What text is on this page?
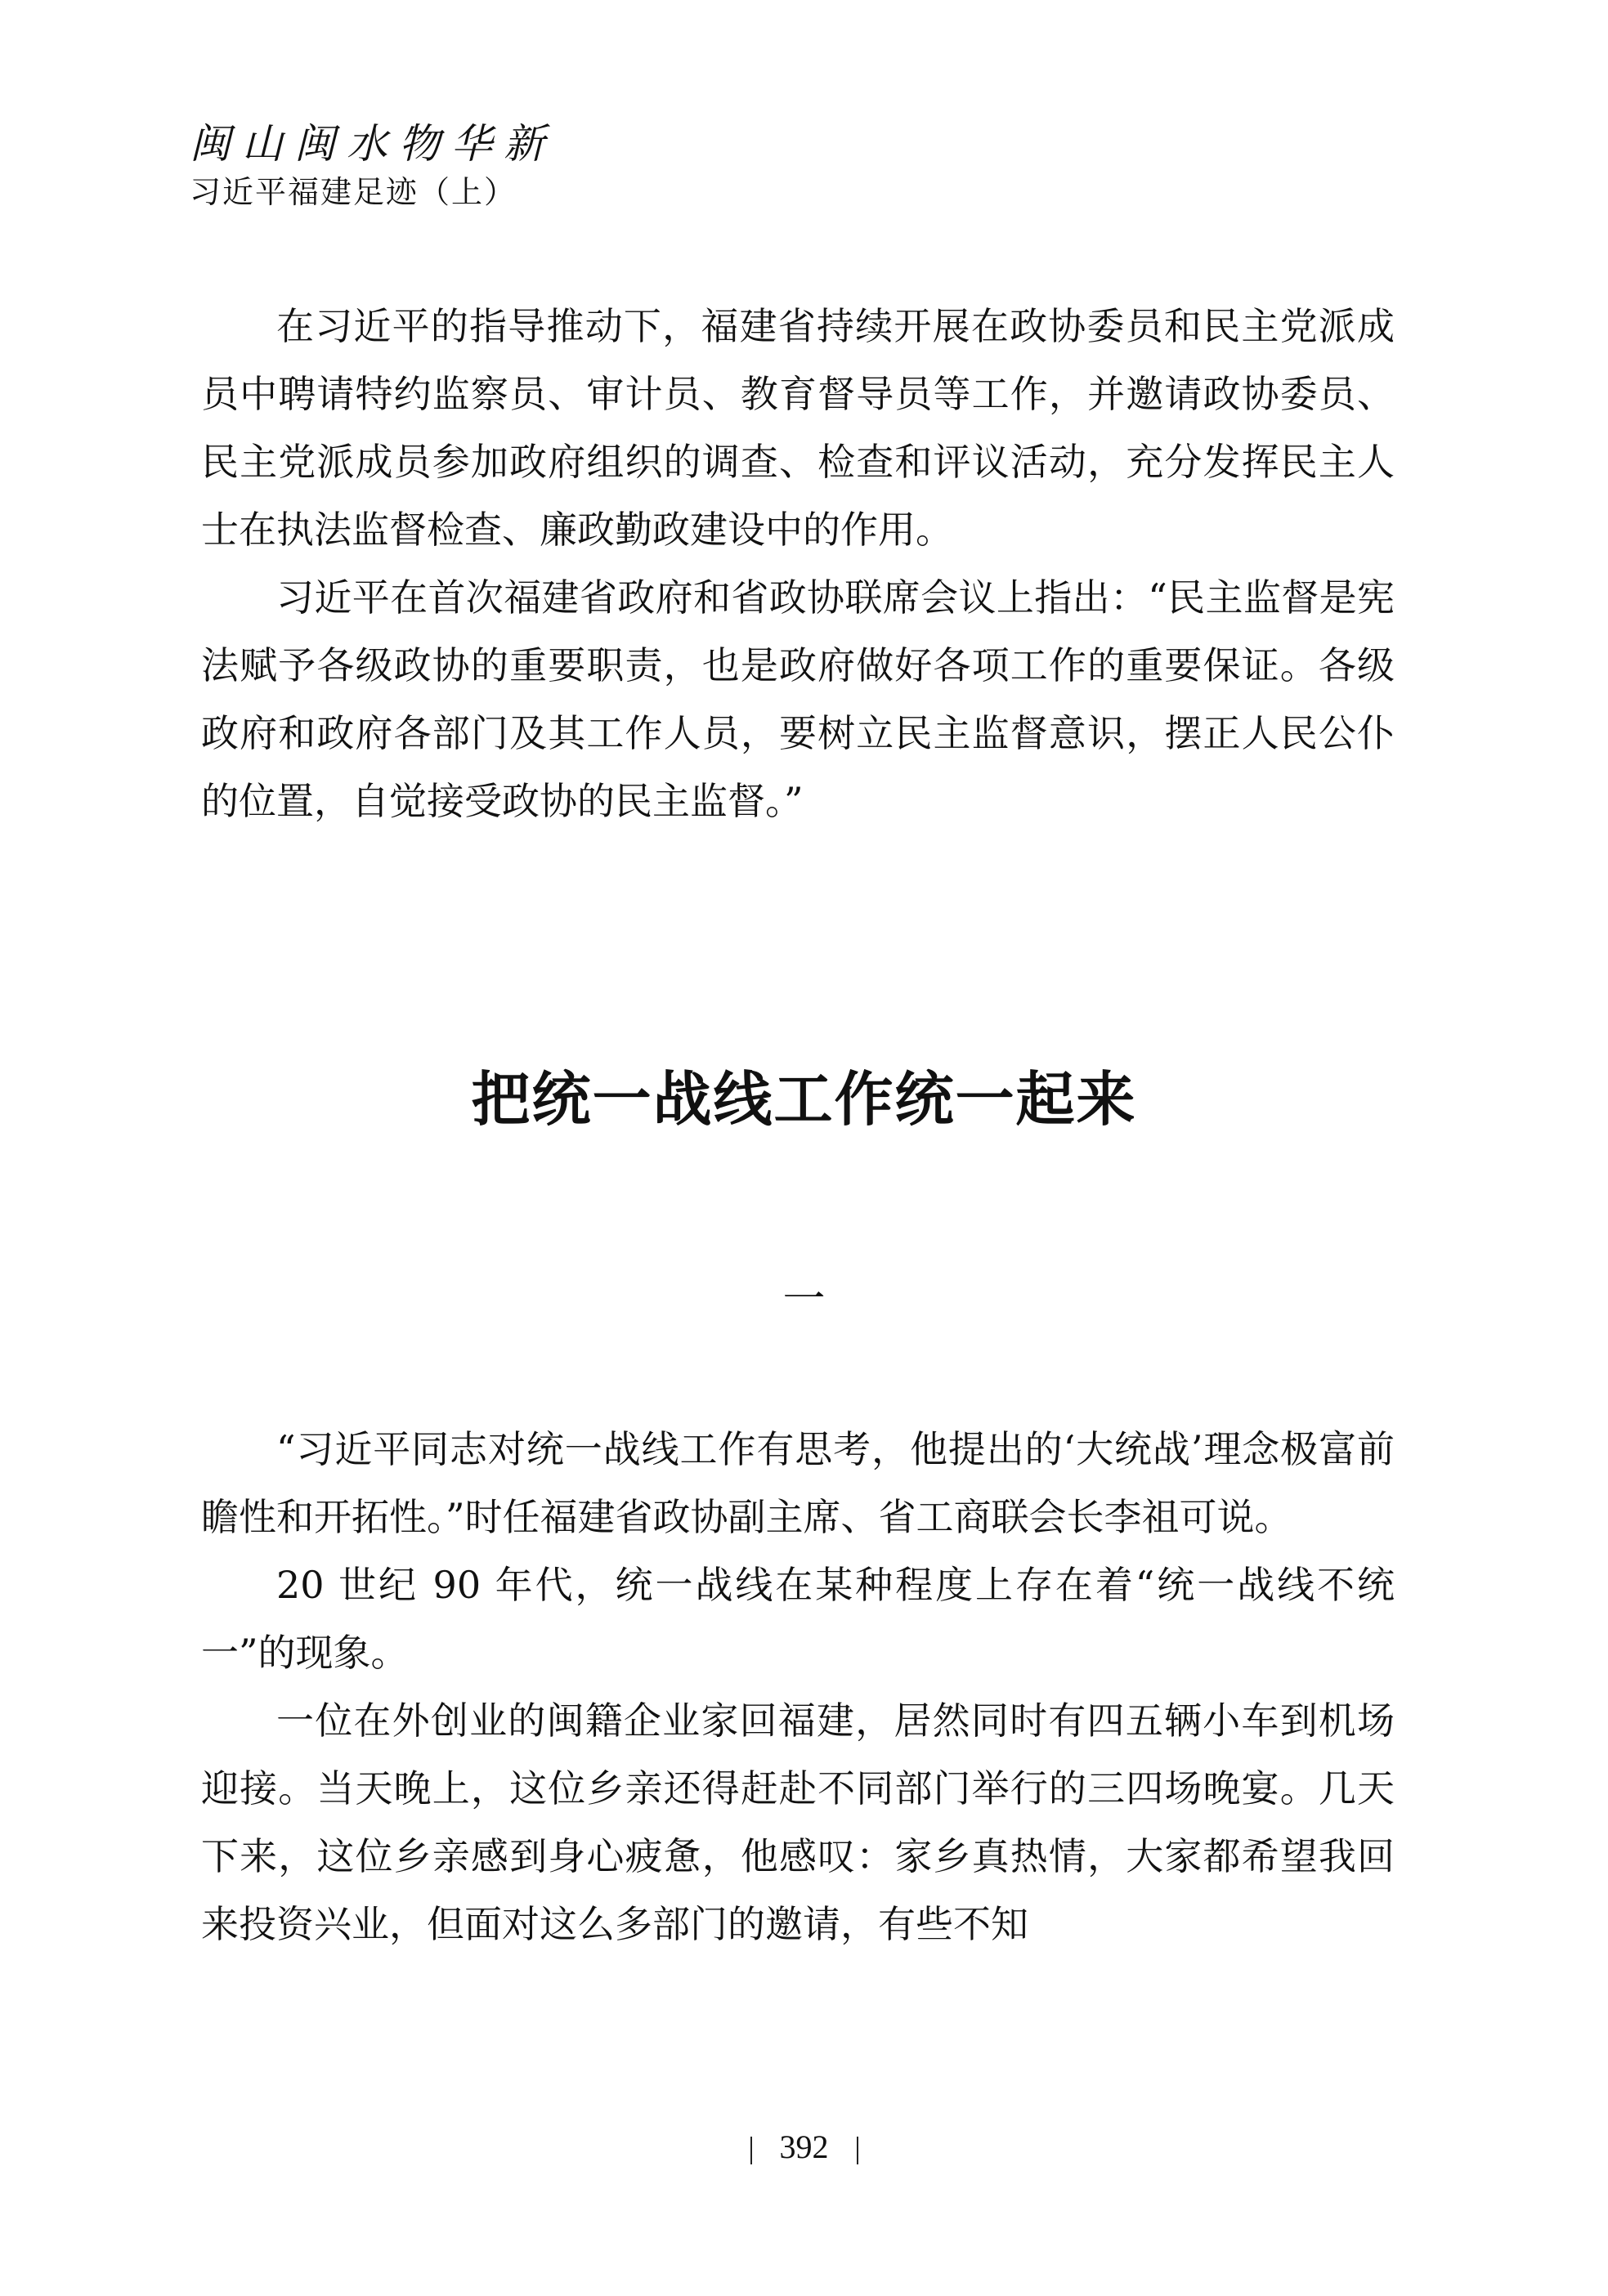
闽山闽水物华新
习近平福建足迹（上）

在习近平的指导推动下，福建省持续开展在政协委员和民主党派成员中聘请特约监察员、审计员、教育督导员等工作，并邀请政协委员、民主党派成员参加政府组织的调查、检查和评议活动，充分发挥民主人士在执法监督检查、廉政勤政建设中的作用。

习近平在首次福建省政府和省政协联席会议上指出：“民主监督是宪法赋予各级政协的重要职责，也是政府做好各项工作的重要保证。各级政府和政府各部门及其工作人员，要树立民主监督意识，摆正人民公仆的位置，自觉接受政协的民主监督。”

把统一战线工作统一起来
一

“习近平同志对统一战线工作有思考，他提出的‘大统战’理念极富前瞻性和开拓性。”时任福建省政协副主席、省工商联会长李祖可说。

20 世纪 90 年代，统一战线在某种程度上存在着“统一战线不统一”的现象。

一位在外创业的闽籍企业家回福建，居然同时有四五辆小车到机场迎接。当天晚上，这位乡亲还得赶赴不同部门举行的三四场晚宴。几天下来，这位乡亲感到身心疲惫，他感叹：家乡真热情，大家都希望我回来投资兴业，但面对这么多部门的邀请，有些不知

392
